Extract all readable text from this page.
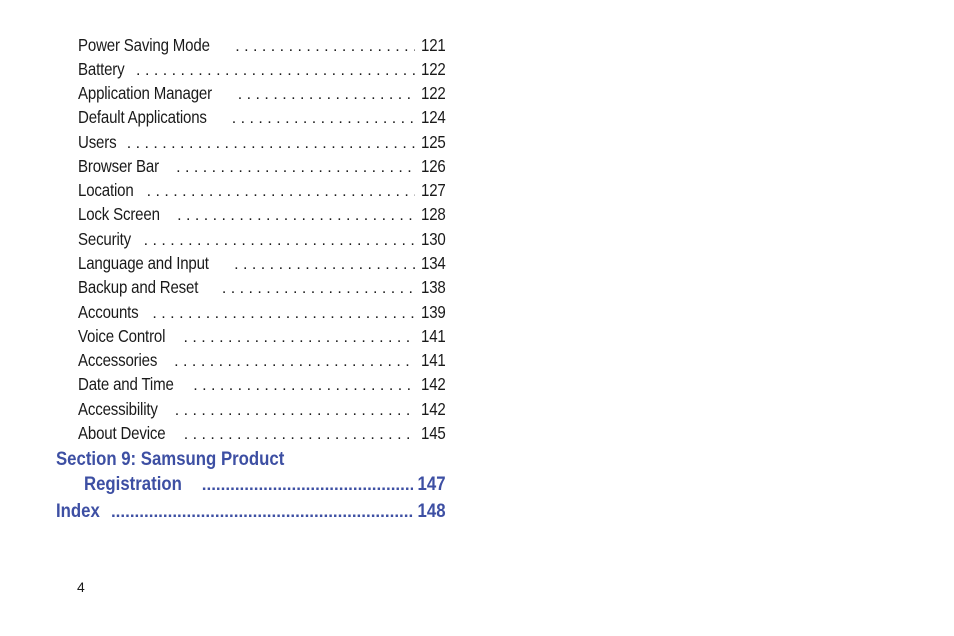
Power Saving Mode . . .	121
Battery . . .	122
Application Manager . . .	122
Default Applications . . .	124
Users . . .	125
Browser Bar . . .	126
Location . . .	127
Lock Screen . . .	128
Security . . .	130
Language and Input . . .	134
Backup and Reset . . .	138
Accounts . . .	139
Voice Control . . .	141
Accessories . . .	141
Date and Time . . .	142
Accessibility . . .	142
About Device . . .	145
Section 9: Samsung Product
Registration .....	147
Index .....	148
4
